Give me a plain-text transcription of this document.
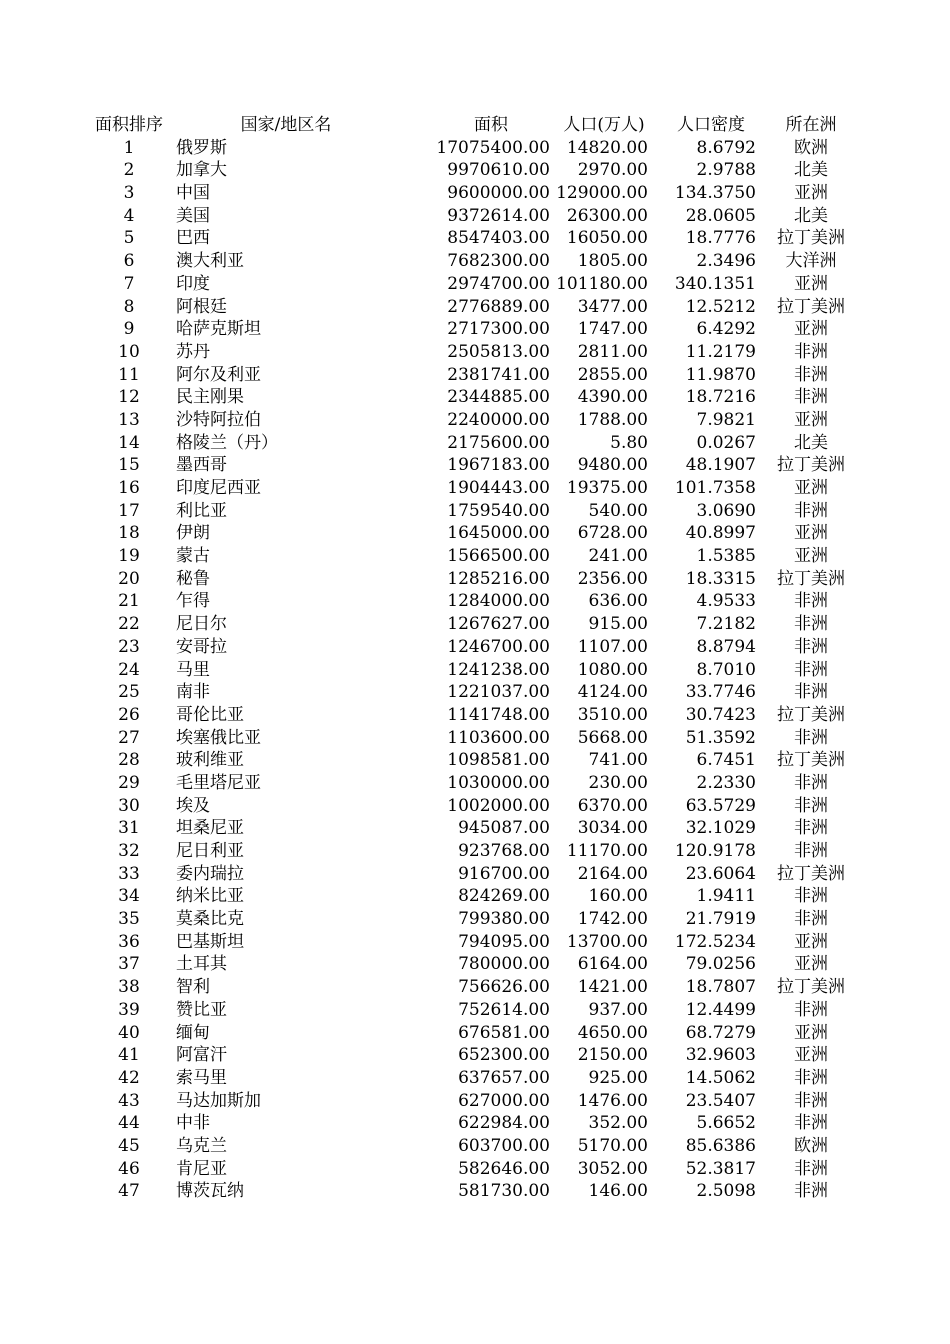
面积排序	国家/地区名	面积	人口(万人)	人口密度	所在洲
1	俄罗斯	17075400.00 14820.00	8.6792	欧洲
2	加拿大	9970610.00	2970.00	2.9788	北美
3	中国	9600000.00 129000.00	134.3750	亚洲
4	美国	9372614.00 26300.00	28.0605	北美
5	巴西	8547403.00 16050.00	18.7776	拉丁美洲
6	澳大利亚	7682300.00	1805.00	2.3496	大洋洲
7	印度	2974700.00 101180.00	340.1351	亚洲
8	阿根廷	2776889.00	3477.00	12.5212	拉丁美洲
9	哈萨克斯坦	2717300.00	1747.00	6.4292	亚洲
10	苏丹	2505813.00	2811.00	11.2179	非洲
11	阿尔及利亚	2381741.00	2855.00	11.9870	非洲
12	民主刚果	2344885.00	4390.00	18.7216	非洲
13	沙特阿拉伯	2240000.00	1788.00	7.9821	亚洲
14	格陵兰（丹）	2175600.00	5.80	0.0267	北美
15	墨西哥	1967183.00	9480.00	48.1907	拉丁美洲
16	印度尼西亚	1904443.00 19375.00	101.7358	亚洲
17	利比亚	1759540.00	540.00	3.0690	非洲
18	伊朗	1645000.00	6728.00	40.8997	亚洲
19	蒙古	1566500.00	241.00	1.5385	亚洲
20	秘鲁	1285216.00	2356.00	18.3315	拉丁美洲
21	乍得	1284000.00	636.00	4.9533	非洲
22	尼日尔	1267627.00	915.00	7.2182	非洲
23	安哥拉	1246700.00	1107.00	8.8794	非洲
24	马里	1241238.00	1080.00	8.7010	非洲
25	南非	1221037.00	4124.00	33.7746	非洲
26	哥伦比亚	1141748.00	3510.00	30.7423	拉丁美洲
27	埃塞俄比亚	1103600.00	5668.00	51.3592	非洲
28	玻利维亚	1098581.00	741.00	6.7451	拉丁美洲
29	毛里塔尼亚	1030000.00	230.00	2.2330	非洲
30	埃及	1002000.00	6370.00	63.5729	非洲
31	坦桑尼亚	945087.00	3034.00	32.1029	非洲
32	尼日利亚	923768.00 11170.00	120.9178	非洲
33	委内瑞拉	916700.00	2164.00	23.6064	拉丁美洲
34	纳米比亚	824269.00	160.00	1.9411	非洲
35	莫桑比克	799380.00	1742.00	21.7919	非洲
36	巴基斯坦	794095.00 13700.00	172.5234	亚洲
37	土耳其	780000.00	6164.00	79.0256	亚洲
38	智利	756626.00	1421.00	18.7807	拉丁美洲
39	赞比亚	752614.00	937.00	12.4499	非洲
40	缅甸	676581.00	4650.00	68.7279	亚洲
41	阿富汗	652300.00	2150.00	32.9603	亚洲
42	索马里	637657.00	925.00	14.5062	非洲
43	马达加斯加	627000.00	1476.00	23.5407	非洲
44	中非	622984.00	352.00	5.6652	非洲
45	乌克兰	603700.00	5170.00	85.6386	欧洲
46	肯尼亚	582646.00	3052.00	52.3817	非洲
47	博茨瓦纳	581730.00	146.00	2.5098	非洲
